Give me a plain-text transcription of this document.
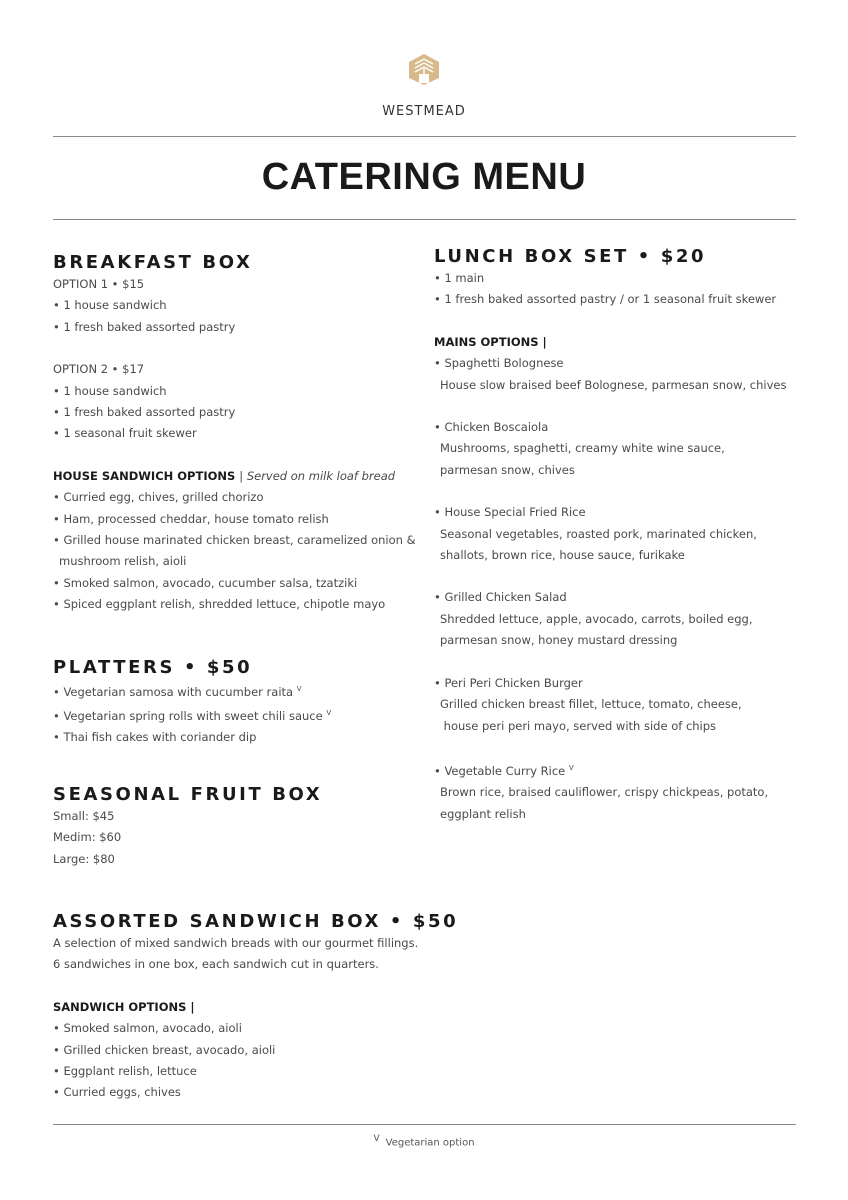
WESTMEAD
CATERING MENU
BREAKFAST BOX
OPTION 1 • $15
• 1 house sandwich
• 1 fresh baked assorted pastry
OPTION 2 • $17
• 1 house sandwich
• 1 fresh baked assorted pastry
• 1 seasonal fruit skewer
HOUSE SANDWICH OPTIONS | Served on milk loaf bread
• Curried egg, chives, grilled chorizo
• Ham, processed cheddar, house tomato relish
• Grilled house marinated chicken breast, caramelized onion &
mushroom relish, aioli
• Smoked salmon, avocado, cucumber salsa, tzatziki
• Spiced eggplant relish, shredded lettuce, chipotle mayo
PLATTERS • $50
• Vegetarian samosa with cucumber raita $^V$
• Vegetarian spring rolls with sweet chili sauce $^V$
• Thai fish cakes with coriander dip
SEASONAL FRUIT BOX
Small: $45
Medim: $60
Large: $80
ASSORTED SANDWICH BOX • $50
A selection of mixed sandwich breads with our gourmet fillings.
6 sandwiches in one box, each sandwich cut in quarters.
SANDWICH OPTIONS |
• Smoked salmon, avocado, aioli
• Grilled chicken breast, avocado, aioli
• Eggplant relish, lettuce
• Curried eggs, chives
LUNCH BOX SET • $20
• 1 main
• 1 fresh baked assorted pastry / or 1 seasonal fruit skewer
MAINS OPTIONS |
• Spaghetti Bolognese
House slow braised beef Bolognese, parmesan snow, chives
• Chicken Boscaiola
Mushrooms, spaghetti, creamy white wine sauce,
parmesan snow, chives
• House Special Fried Rice
Seasonal vegetables, roasted pork, marinated chicken,
shallots, brown rice, house sauce, furikake
• Grilled Chicken Salad
Shredded lettuce, apple, avocado, carrots, boiled egg,
parmesan snow, honey mustard dressing
• Peri Peri Chicken Burger
Grilled chicken breast fillet, lettuce, tomato, cheese,
house peri peri mayo, served with side of chips
• Vegetable Curry Rice $^V$
Brown rice, braised cauliflower, crispy chickpeas, potato,
eggplant relish
V Vegetarian option
